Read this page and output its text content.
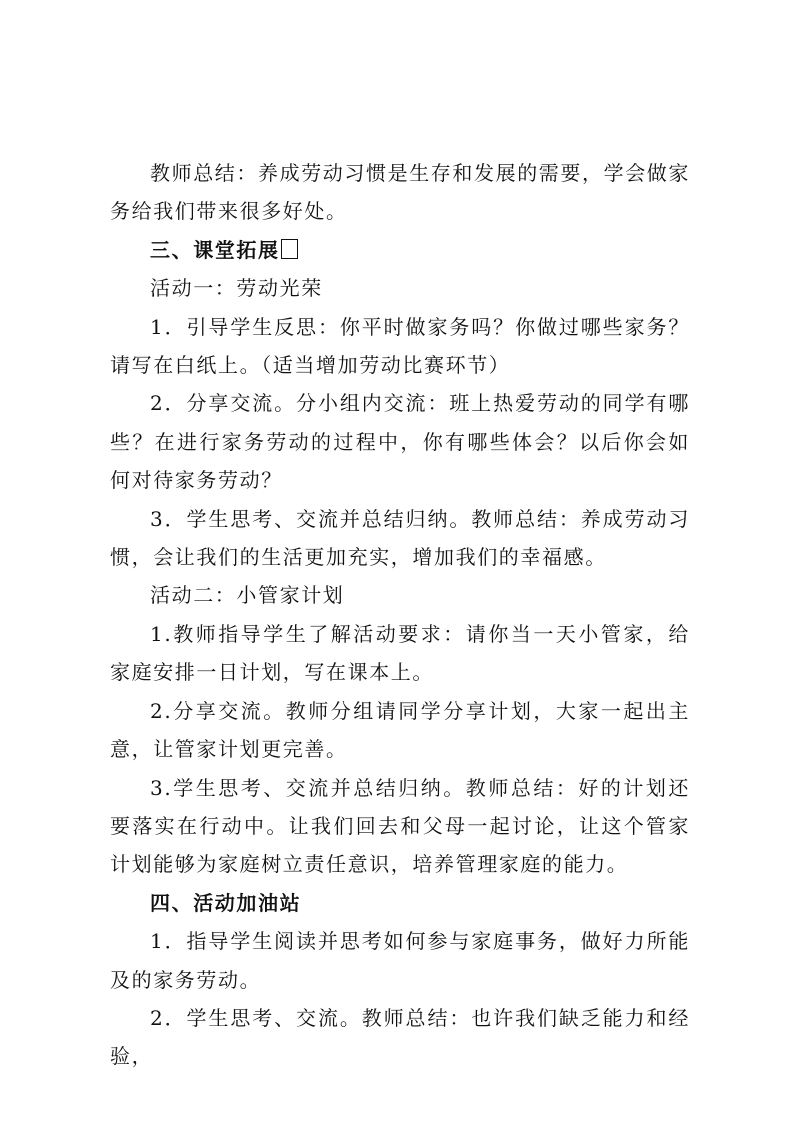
教师总结：养成劳动习惯是生存和发展的需要，学会做家务给我们带来很多好处。

三、课堂拓展

活动一：劳动光荣

1．引导学生反思：你平时做家务吗？你做过哪些家务？请写在白纸上。（适当增加劳动比赛环节）

2．分享交流。分小组内交流：班上热爱劳动的同学有哪些？在进行家务劳动的过程中，你有哪些体会？以后你会如何对待家务劳动？

3．学生思考、交流并总结归纳。教师总结：养成劳动习惯，会让我们的生活更加充实，增加我们的幸福感。

活动二：小管家计划

1.教师指导学生了解活动要求：请你当一天小管家，给家庭安排一日计划，写在课本上。

2.分享交流。教师分组请同学分享计划，大家一起出主意，让管家计划更完善。

3.学生思考、交流并总结归纳。教师总结：好的计划还要落实在行动中。让我们回去和父母一起讨论，让这个管家计划能够为家庭树立责任意识，培养管理家庭的能力。

四、活动加油站

1．指导学生阅读并思考如何参与家庭事务，做好力所能及的家务劳动。

2．学生思考、交流。教师总结：也许我们缺乏能力和经验，
